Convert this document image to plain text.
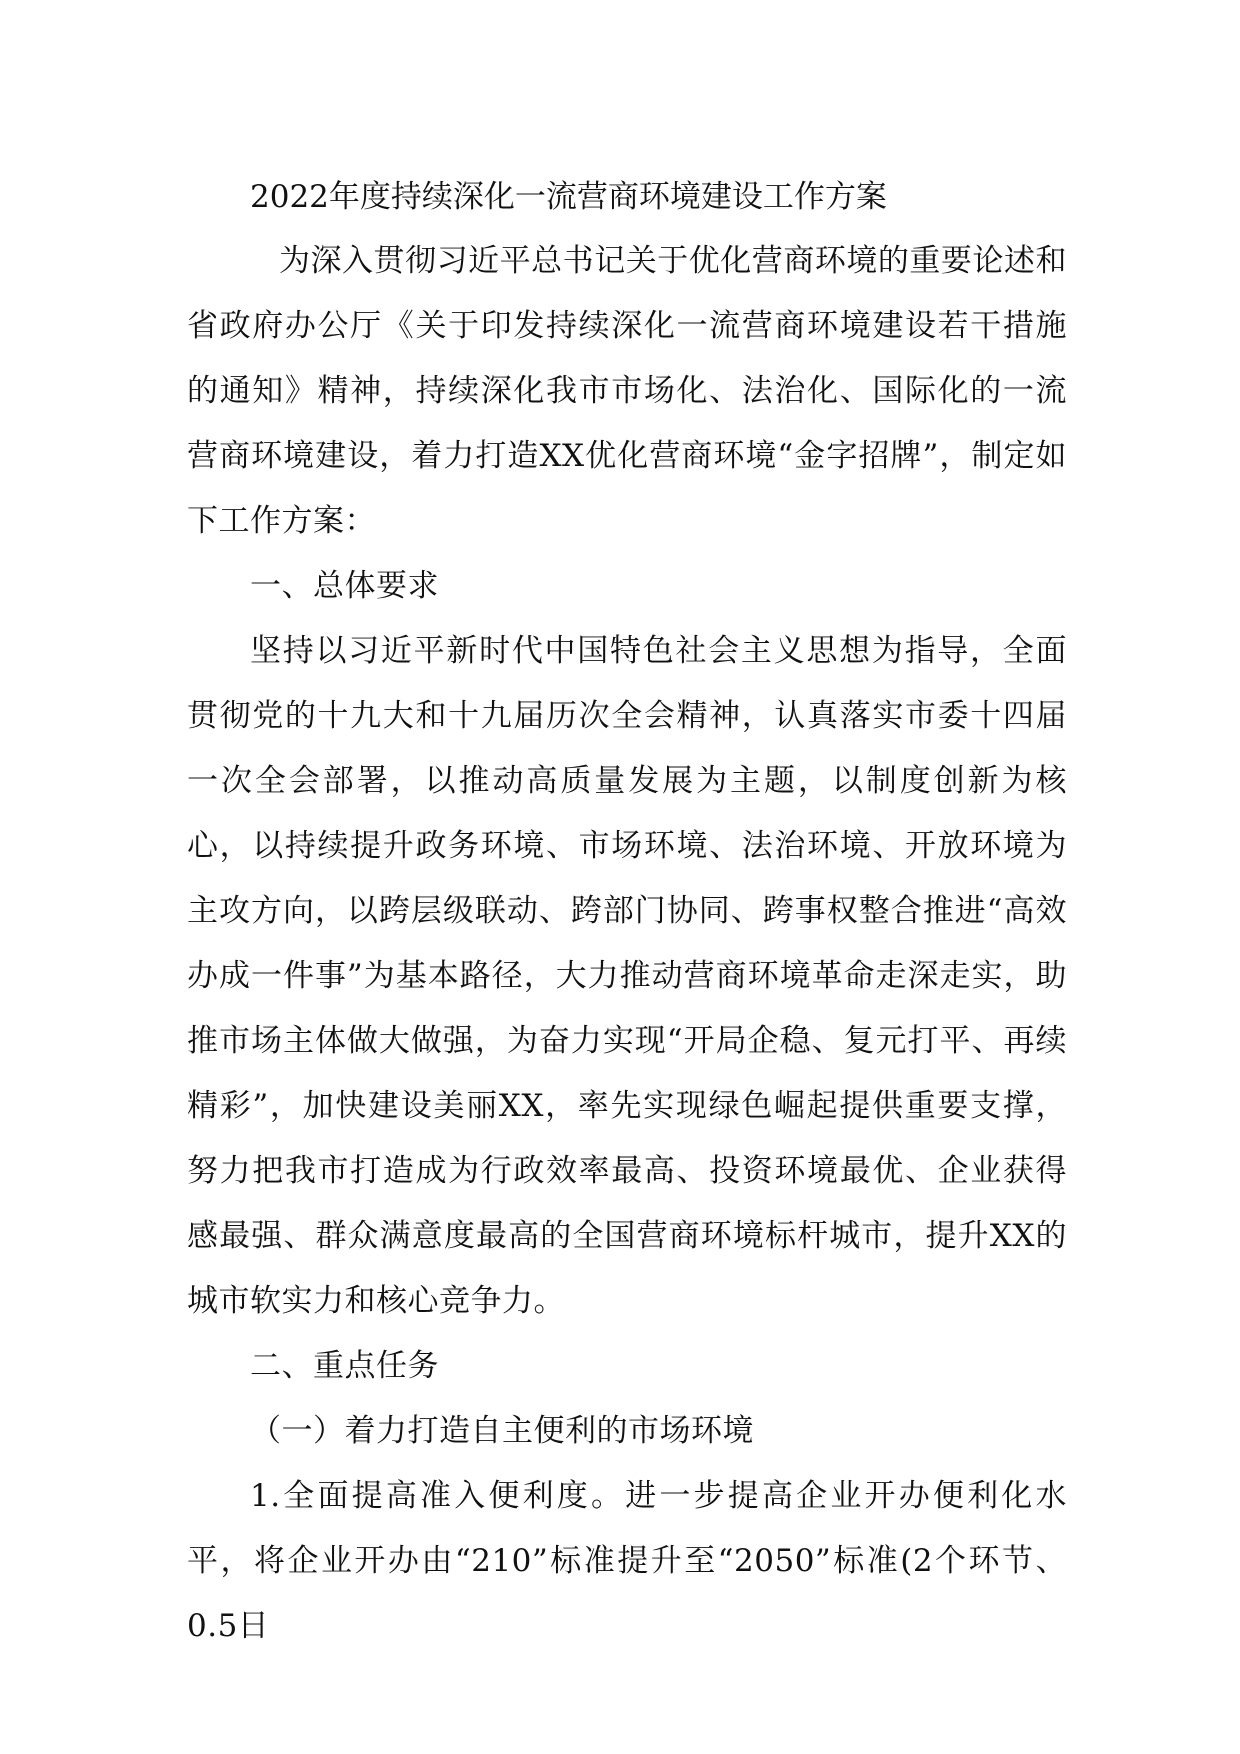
2022年度持续深化一流营商环境建设工作方案

为深入贯彻习近平总书记关于优化营商环境的重要论述和省政府办公厅《关于印发持续深化一流营商环境建设若干措施的通知》精神，持续深化我市市场化、法治化、国际化的一流营商环境建设，着力打造XX优化营商环境“金字招牌”，制定如下工作方案：

一、总体要求

坚持以习近平新时代中国特色社会主义思想为指导，全面贯彻党的十九大和十九届历次全会精神，认真落实市委十四届一次全会部署，以推动高质量发展为主题，以制度创新为核心，以持续提升政务环境、市场环境、法治环境、开放环境为主攻方向，以跨层级联动、跨部门协同、跨事权整合推进“高效办成一件事”为基本路径，大力推动营商环境革命走深走实，助推市场主体做大做强，为奋力实现“开局企稳、复元打平、再续精彩”，加快建设美丽XX，率先实现绿色崛起提供重要支撑，努力把我市打造成为行政效率最高、投资环境最优、企业获得感最强、群众满意度最高的全国营商环境标杆城市，提升XX的城市软实力和核心竞争力。

二、重点任务

（一）着力打造自主便利的市场环境

1.全面提高准入便利度。进一步提高企业开办便利化水平，将企业开办由“210”标准提升至“2050”标准(2个环节、0.5日
